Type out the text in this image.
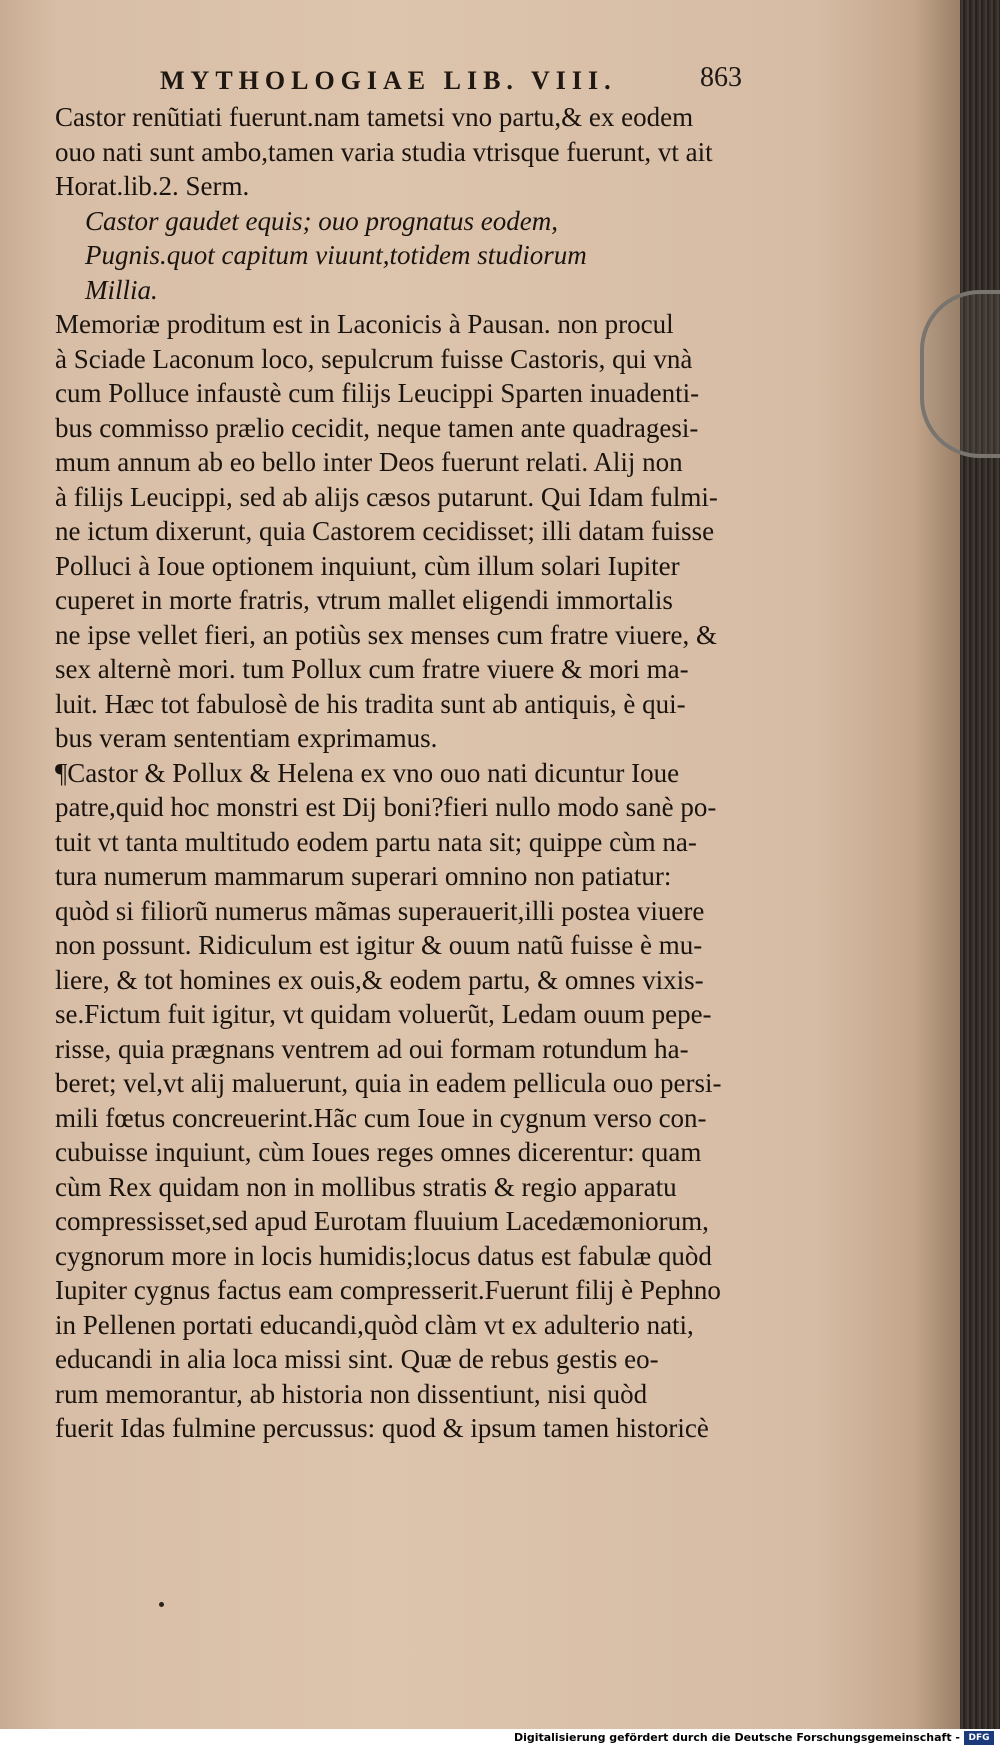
MYTHOLOGIAE LIB. VIII.	863
Castor renũtiati fuerunt.nam tametsi vno partu,& ex eodem
ouo nati sunt ambo,tamen varia studia vtrisque fuerunt, vt ait
Horat.lib.2. Serm.
Castor gaudet equis; ouo prognatus eodem,
Pugnis.quot capitum viuunt,totidem studiorum
Millia.
Memoriæ proditum est in Laconicis à Pausan. non procul
à Sciade Laconum loco, sepulcrum fuisse Castoris, qui vnà
cum Polluce infaustè cum filijs Leucippi Sparten inuadenti-
bus commisso prælio cecidit, neque tamen ante quadragesi-
mum annum ab eo bello inter Deos fuerunt relati. Alij non
à filijs Leucippi, sed ab alijs cæsos putarunt. Qui Idam fulmi-
ne ictum dixerunt, quia Castorem cecidisset; illi datam fuisse
Polluci à Ioue optionem inquiunt, cùm illum solari Iupiter
cuperet in morte fratris, vtrum mallet eligendi immortalis
ne ipse vellet fieri, an potiùs sex menses cum fratre viuere, &
sex alternè mori. tum Pollux cum fratre viuere & mori ma-
luit. Hæc tot fabulosè de his tradita sunt ab antiquis, è qui-
bus veram sententiam exprimamus.
¶Castor & Pollux & Helena ex vno ouo nati dicuntur Ioue
patre,quid hoc monstri est Dij boni?fieri nullo modo sanè po-
tuit vt tanta multitudo eodem partu nata sit; quippe cùm na-
tura numerum mammarum superari omnino non patiatur:
quòd si filiorũ numerus mãmas superauerit,illi postea viuere
non possunt. Ridiculum est igitur & ouum natũ fuisse è mu-
liere, & tot homines ex ouis,& eodem partu, & omnes vixis-
se.Fictum fuit igitur, vt quidam voluerũt, Ledam ouum pepe-
risse, quia prægnans ventrem ad oui formam rotundum ha-
beret; vel,vt alij maluerunt, quia in eadem pellicula ouo persi-
mili fœtus concreuerint.Hãc cum Ioue in cygnum verso con-
cubuisse inquiunt, cùm Ioues reges omnes dicerentur: quam
cùm Rex quidam non in mollibus stratis & regio apparatu
compressisset,sed apud Eurotam fluuium Lacedæmoniorum,
cygnorum more in locis humidis;locus datus est fabulæ quòd
Iupiter cygnus factus eam compresserit.Fuerunt filij è Pephno
in Pellenen portati educandi,quòd clàm vt ex adulterio nati,
educandi in alia loca missi sint. Quæ de rebus gestis eo-
rum memorantur, ab historia non dissentiunt, nisi quòd
fuerit Idas fulmine percussus: quod & ipsum tamen historicè
Digitalisierung gefördert durch die Deutsche Forschungsgemeinschaft - DFG
